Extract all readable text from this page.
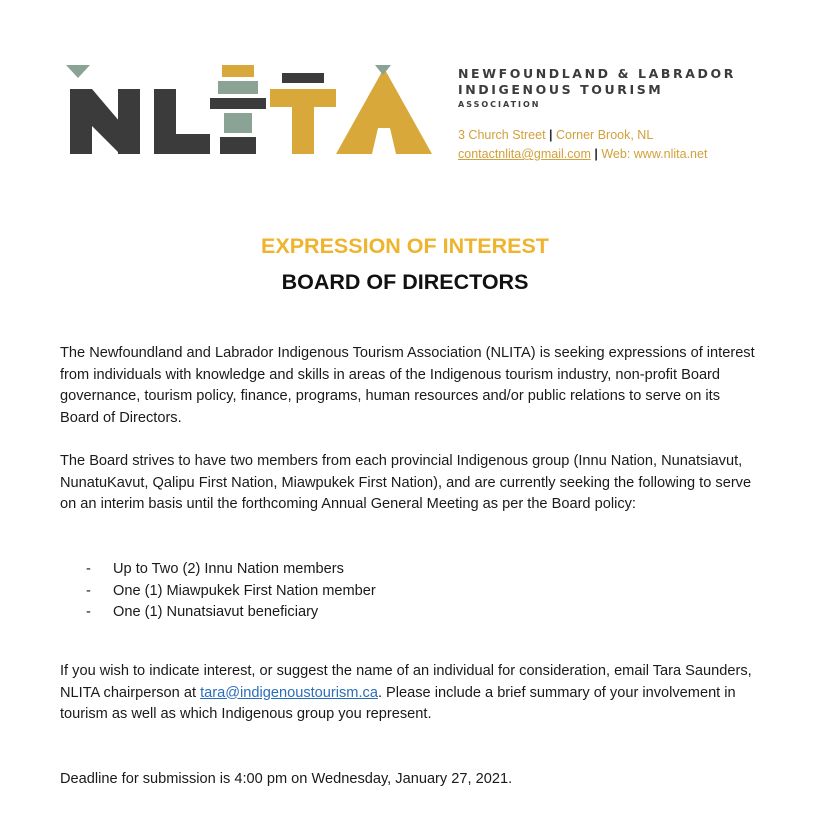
NEWFOUNDLAND & LABRADOR
INDIGENOUS TOURISM
ASSOCIATION
3 Church Street | Corner Brook, NL
contactnlita@gmail.com | Web: www.nlita.net
EXPRESSION OF INTEREST
BOARD OF DIRECTORS

The Newfoundland and Labrador Indigenous Tourism Association (NLITA) is seeking expressions of interest from individuals with knowledge and skills in areas of the Indigenous tourism industry, non-profit Board governance, tourism policy, finance, programs, human resources and/or public relations to serve on its Board of Directors.

The Board strives to have two members from each provincial Indigenous group (Innu Nation, Nunatsiavut, NunatuKavut, Qalipu First Nation, Miawpukek First Nation), and are currently seeking the following to serve on an interim basis until the forthcoming Annual General Meeting as per the Board policy:

- Up to Two (2) Innu Nation members
- One (1) Miawpukek First Nation member
- One (1) Nunatsiavut beneficiary

If you wish to indicate interest, or suggest the name of an individual for consideration, email Tara Saunders, NLITA chairperson at tara@indigenoustourism.ca. Please include a brief summary of your involvement in tourism as well as which Indigenous group you represent.

Deadline for submission is 4:00 pm on Wednesday, January 27, 2021.
